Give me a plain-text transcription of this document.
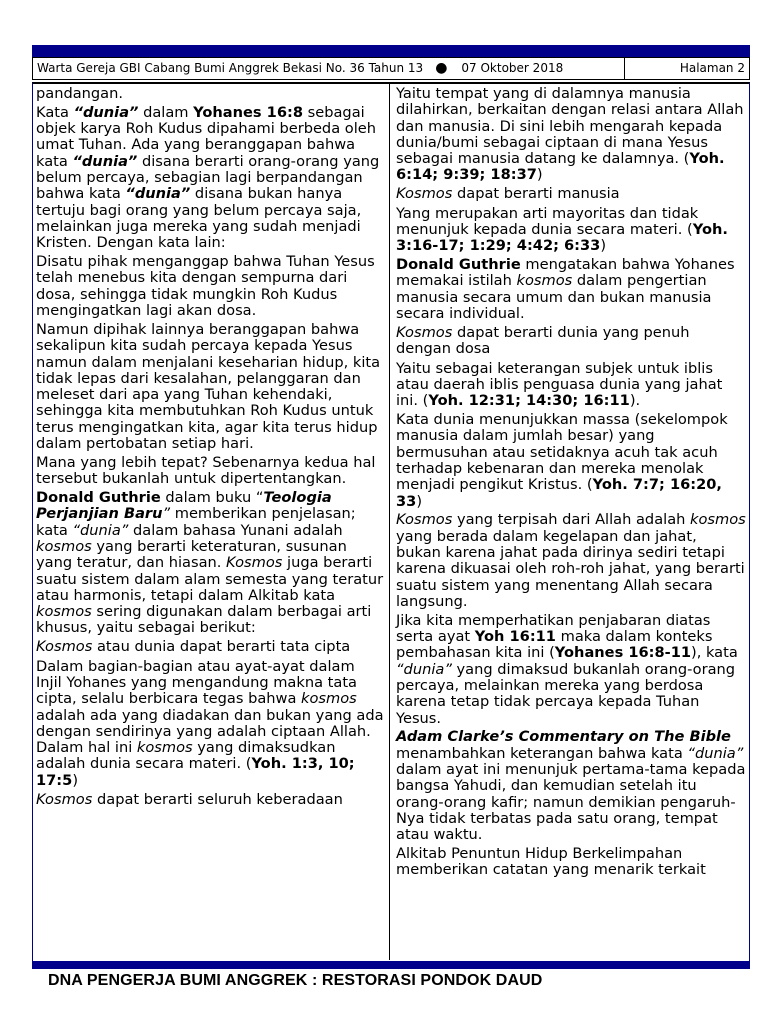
Warta Gereja GBI Cabang Bumi Anggrek Bekasi No. 36 Tahun 13 ● 07 Oktober 2018	Halaman 2

pandangan.

Kata “dunia” dalam Yohanes 16:8 sebagai objek karya Roh Kudus dipahami berbeda oleh umat Tuhan. Ada yang beranggapan bahwa kata “dunia” disana berarti orang-orang yang belum percaya, sebagian lagi berpandangan bahwa kata “dunia” disana bukan hanya tertuju bagi orang yang belum percaya saja, melainkan juga mereka yang sudah menjadi Kristen. Dengan kata lain:

Disatu pihak menganggap bahwa Tuhan Yesus telah menebus kita dengan sempurna dari dosa, sehingga tidak mungkin Roh Kudus mengingatkan lagi akan dosa.

Namun dipihak lainnya beranggapan bahwa sekalipun kita sudah percaya kepada Yesus namun dalam menjalani keseharian hidup, kita tidak lepas dari kesalahan, pelanggaran dan meleset dari apa yang Tuhan kehendaki, sehingga kita membutuhkan Roh Kudus untuk terus mengingatkan kita, agar kita terus hidup dalam pertobatan setiap hari.

Mana yang lebih tepat? Sebenarnya kedua hal tersebut bukanlah untuk dipertentangkan.

Donald Guthrie dalam buku “Teologia Perjanjian Baru” memberikan penjelasan; kata “dunia” dalam bahasa Yunani adalah kosmos yang berarti keteraturan, susunan yang teratur, dan hiasan. Kosmos juga berarti suatu sistem dalam alam semesta yang teratur atau harmonis, tetapi dalam Alkitab kata kosmos sering digunakan dalam berbagai arti khusus, yaitu sebagai berikut:

Kosmos atau dunia dapat berarti tata cipta

Dalam bagian-bagian atau ayat-ayat dalam Injil Yohanes yang mengandung makna tata cipta, selalu berbicara tegas bahwa kosmos adalah ada yang diadakan dan bukan yang ada dengan sendirinya yang adalah ciptaan Allah. Dalam hal ini kosmos yang dimaksudkan adalah dunia secara materi. (Yoh. 1:3, 10; 17:5)

Kosmos dapat berarti seluruh keberadaan

Yaitu tempat yang di dalamnya manusia dilahirkan, berkaitan dengan relasi antara Allah dan manusia. Di sini lebih mengarah kepada dunia/bumi sebagai ciptaan di mana Yesus sebagai manusia datang ke dalamnya. (Yoh. 6:14; 9:39; 18:37)

Kosmos dapat berarti manusia

Yang merupakan arti mayoritas dan tidak menunjuk kepada dunia secara materi. (Yoh. 3:16-17; 1:29; 4:42; 6:33)

Donald Guthrie mengatakan bahwa Yohanes memakai istilah kosmos dalam pengertian manusia secara umum dan bukan manusia secara individual.

Kosmos dapat berarti dunia yang penuh dengan dosa

Yaitu sebagai keterangan subjek untuk iblis atau daerah iblis penguasa dunia yang jahat ini. (Yoh. 12:31; 14:30; 16:11).

Kata dunia menunjukkan massa (sekelompok manusia dalam jumlah besar) yang bermusuhan atau setidaknya acuh tak acuh terhadap kebenaran dan mereka menolak menjadi pengikut Kristus. (Yoh. 7:7; 16:20, 33)

Kosmos yang terpisah dari Allah adalah kosmos yang berada dalam kegelapan dan jahat, bukan karena jahat pada dirinya sediri tetapi karena dikuasai oleh roh-roh jahat, yang berarti suatu sistem yang menentang Allah secara langsung.

Jika kita memperhatikan penjabaran diatas serta ayat Yoh 16:11 maka dalam konteks pembahasan kita ini (Yohanes 16:8-11), kata “dunia” yang dimaksud bukanlah orang-orang percaya, melainkan mereka yang berdosa karena tetap tidak percaya kepada Tuhan Yesus.

Adam Clarke’s Commentary on The Bible menambahkan keterangan bahwa kata “dunia” dalam ayat ini menunjuk pertama-tama kepada bangsa Yahudi, dan kemudian setelah itu orang-orang kafir; namun demikian pengaruh-Nya tidak terbatas pada satu orang, tempat atau waktu.

Alkitab Penuntun Hidup Berkelimpahan memberikan catatan yang menarik terkait

DNA PENGERJA BUMI ANGGREK : RESTORASI PONDOK DAUD
